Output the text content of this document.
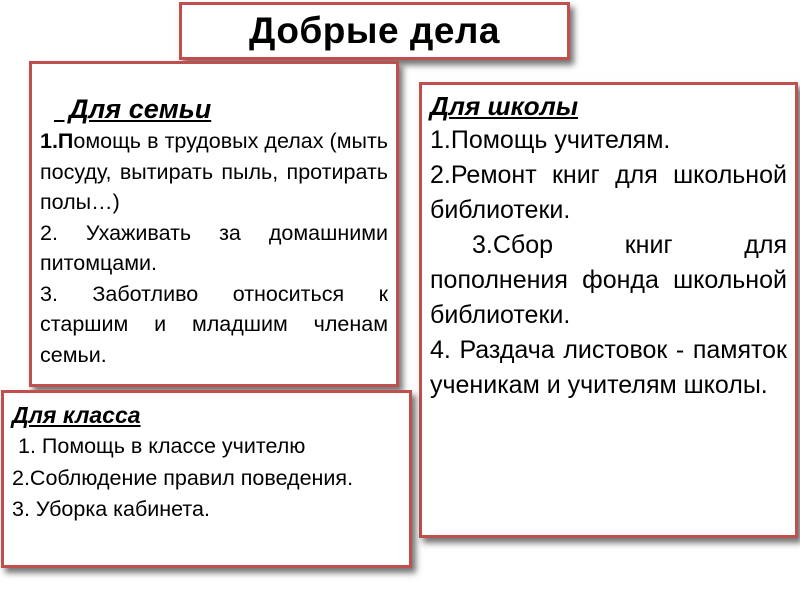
Добрые дела
Для семьи
1.Помощь в трудовых делах (мыть посуду, вытирать пыль, протирать полы…)
2. Ухаживать за домашними питомцами.
3. Заботливо относиться к старшим и младшим членам семьи.
Для школы
1.Помощь учителям.
2.Ремонт книг для школьной библиотеки.
3.Сбор книг для пополнения фонда школьной библиотеки.
4. Раздача листовок - памяток ученикам и учителям школы.
Для класса
1. Помощь в классе учителю
2.Соблюдение правил поведения.
3. Уборка кабинета.
